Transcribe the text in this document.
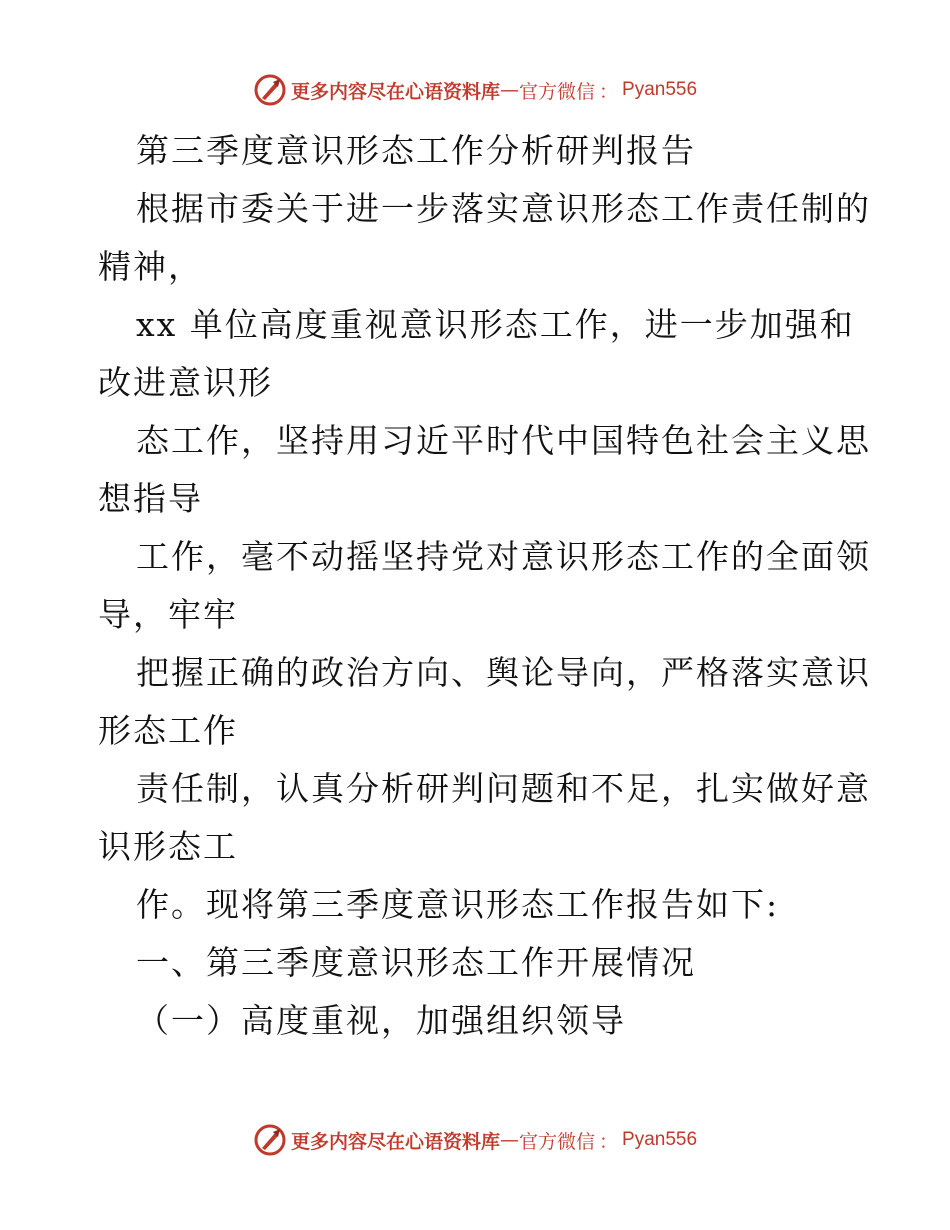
更多内容尽在心语资料库 — 官方微信 ： Pyan556
第三季度意识形态工作分析研判报告
根据市委关于进一步落实意识形态工作责任制的
精神，
xx 单位高度重视意识形态工作，进一步加强和
改进意识形
态工作，坚持用习近平时代中国特色社会主义思
想指导
工作，毫不动摇坚持党对意识形态工作的全面领
导，牢牢
把握正确的政治方向、舆论导向，严格落实意识
形态工作
责任制，认真分析研判问题和不足，扎实做好意
识形态工
作。现将第三季度意识形态工作报告如下:
一、第三季度意识形态工作开展情况
（一）高度重视，加强组织领导
更多内容尽在心语资料库 — 官方微信 ： Pyan556
